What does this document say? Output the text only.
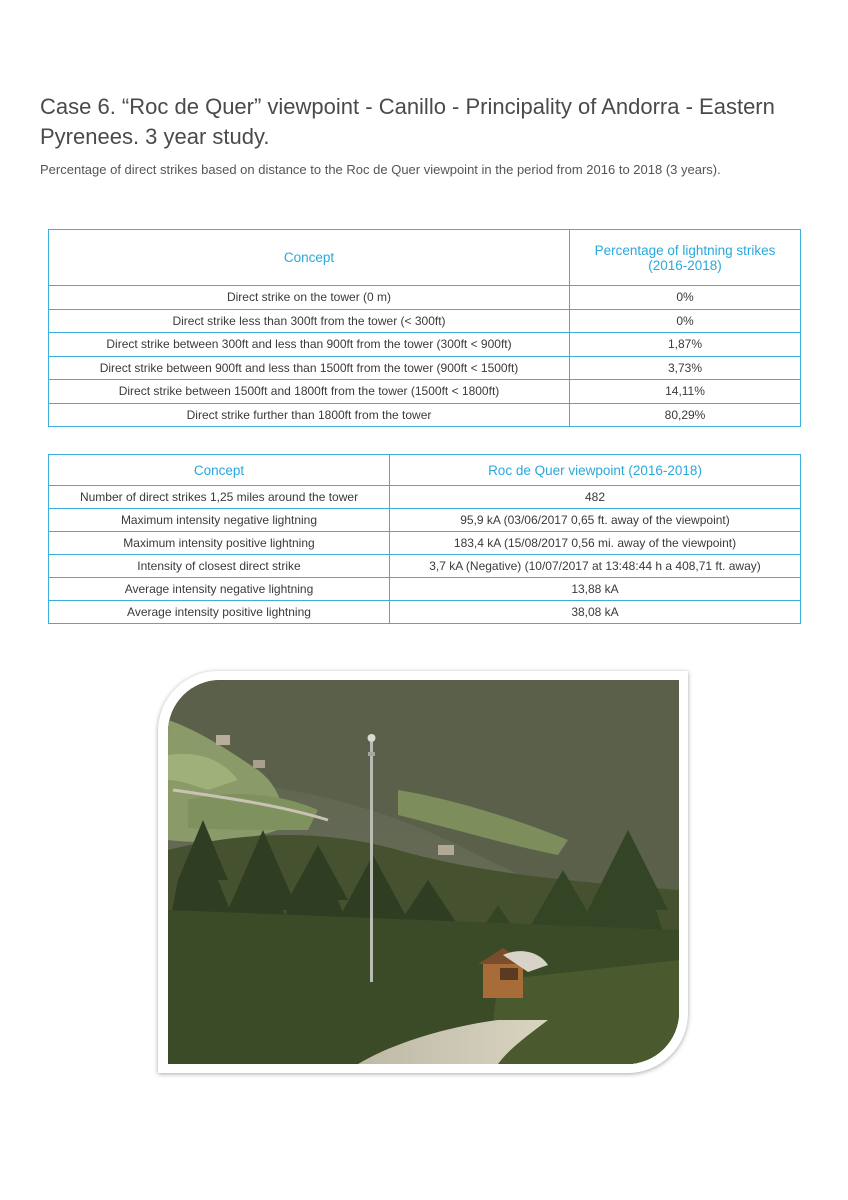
Case 6. “Roc de Quer” viewpoint - Canillo - Principality of Andorra - Eastern Pyrenees. 3 year study.

Percentage of direct strikes based on distance to the Roc de Quer viewpoint in the period from 2016 to 2018 (3 years).

Concept	Percentage of lightning strikes (2016-2018)
Direct strike on the tower (0 m)	0%
Direct strike less than 300ft from the tower (< 300ft)	0%
Direct strike between 300ft and less than 900ft from the tower (300ft < 900ft)	1,87%
Direct strike between 900ft and less than 1500ft from the tower (900ft < 1500ft)	3,73%
Direct strike between 1500ft and 1800ft from the tower (1500ft < 1800ft)	14,11%
Direct strike further than 1800ft from the tower	80,29%
Concept	Roc de Quer viewpoint (2016-2018)
Number of direct strikes 1,25 miles around the tower	482
Maximum intensity negative lightning	95,9 kA (03/06/2017 0,65 ft. away of the viewpoint)
Maximum intensity positive lightning	183,4 kA (15/08/2017 0,56 mi. away of the viewpoint)
Intensity of closest direct strike	3,7 kA (Negative) (10/07/2017 at 13:48:44 h a 408,71 ft. away)
Average intensity negative lightning	13,88 kA
Average intensity positive lightning	38,08 kA
